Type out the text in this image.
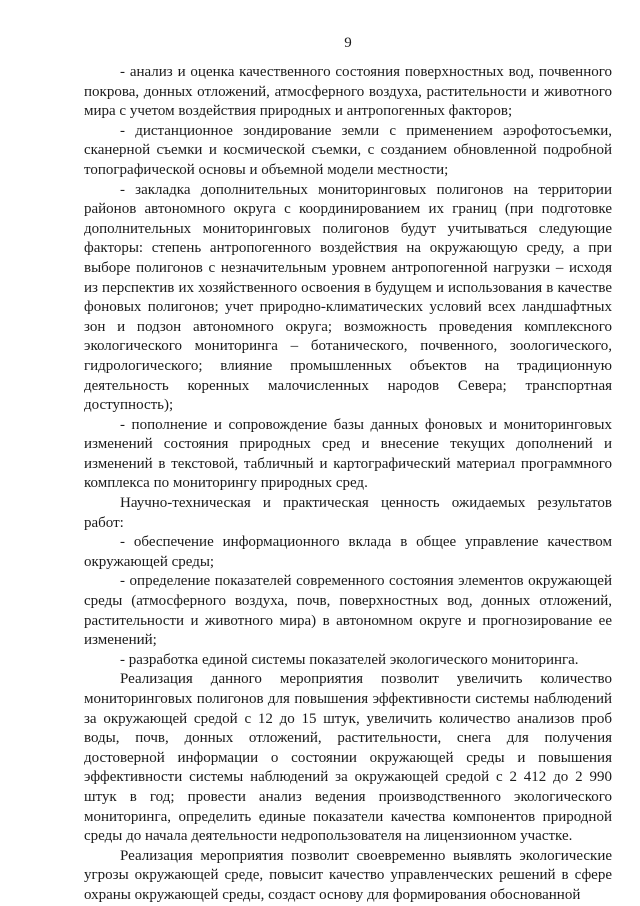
9

- анализ и оценка качественного состояния поверхностных вод, почвенного покрова, донных отложений, атмосферного воздуха, растительности и животного мира с учетом воздействия природных и антропогенных факторов;

- дистанционное зондирование земли с применением аэрофотосъемки, сканерной съемки и космической съемки, с созданием обновленной подробной топографической основы и объемной модели местности;

- закладка дополнительных мониторинговых полигонов на территории районов автономного округа с координированием их границ (при подготовке дополнительных мониторинговых полигонов будут учитываться следующие факторы: степень антропогенного воздействия на окружающую среду, а при выборе полигонов с незначительным уровнем антропогенной нагрузки – исходя из перспектив их хозяйственного освоения в будущем и использования в качестве фоновых полигонов; учет природно-климатических условий всех ландшафтных зон и подзон автономного округа; возможность проведения комплексного экологического мониторинга – ботанического, почвенного, зоологического, гидрологического; влияние промышленных объектов на традиционную деятельность коренных малочисленных народов Севера; транспортная доступность);

- пополнение и сопровождение базы данных фоновых и мониторинговых изменений состояния природных сред и внесение текущих дополнений и изменений в текстовой, табличный и картографический материал программного комплекса по мониторингу природных сред.

Научно-техническая и практическая ценность ожидаемых результатов работ:

- обеспечение информационного вклада в общее управление качеством окружающей среды;

- определение показателей современного состояния элементов окружающей среды (атмосферного воздуха, почв, поверхностных вод, донных отложений, растительности и животного мира) в автономном округе и прогнозирование ее изменений;

- разработка единой системы показателей экологического мониторинга.

Реализация данного мероприятия позволит увеличить количество мониторинговых полигонов для повышения эффективности системы наблюдений за окружающей средой с 12 до 15 штук, увеличить количество анализов проб воды, почв, донных отложений, растительности, снега для получения достоверной информации о состоянии окружающей среды и повышения эффективности системы наблюдений за окружающей средой с 2 412 до 2 990 штук в год; провести анализ ведения производственного экологического мониторинга, определить единые показатели качества компонентов природной среды до начала деятельности недропользователя на лицензионном участке.

Реализация мероприятия позволит своевременно выявлять экологические угрозы окружающей среде, повысит качество управленческих решений в сфере охраны окружающей среды, создаст основу для формирования обоснованной
